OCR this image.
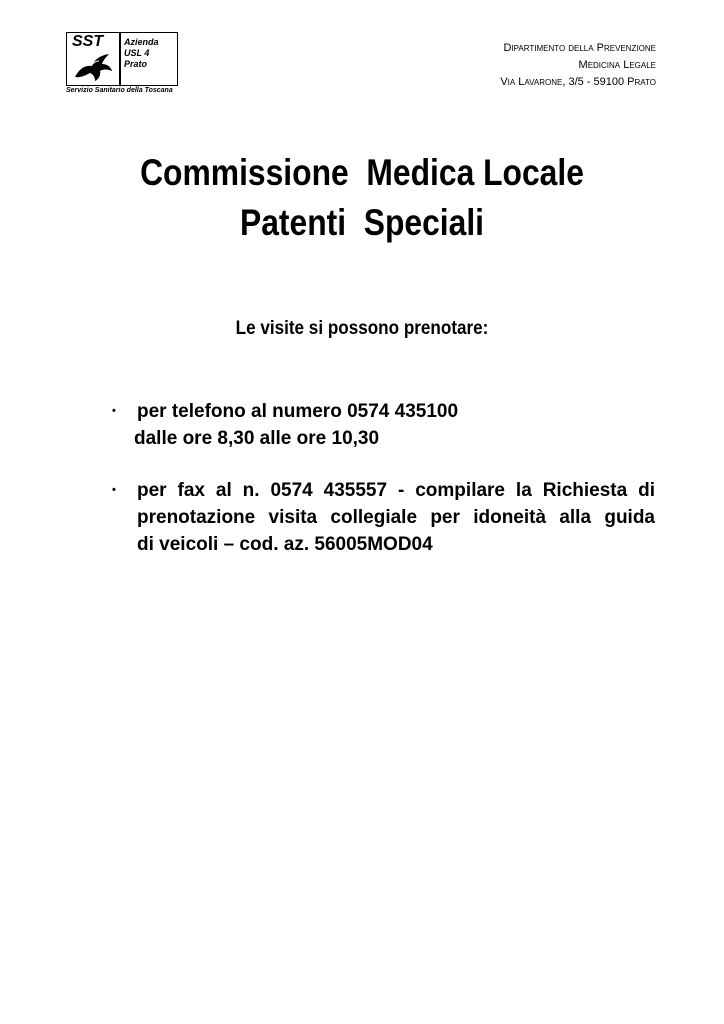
SST Azienda
USL 4
Prato
Servizio Sanitario della Toscana
Dipartimento della Prevenzione
Medicina Legale
Via Lavarone, 3/5 - 59100 Prato
Commissione  Medica Locale
Patenti  Speciali
Le visite si possono prenotare:
• per telefono al numero 0574 435100
dalle ore 8,30 alle ore 10,30
• per fax al n. 0574 435557 - compilare la Richiesta di
prenotazione visita collegiale per idoneità alla guida
di veicoli – cod. az. 56005MOD04
